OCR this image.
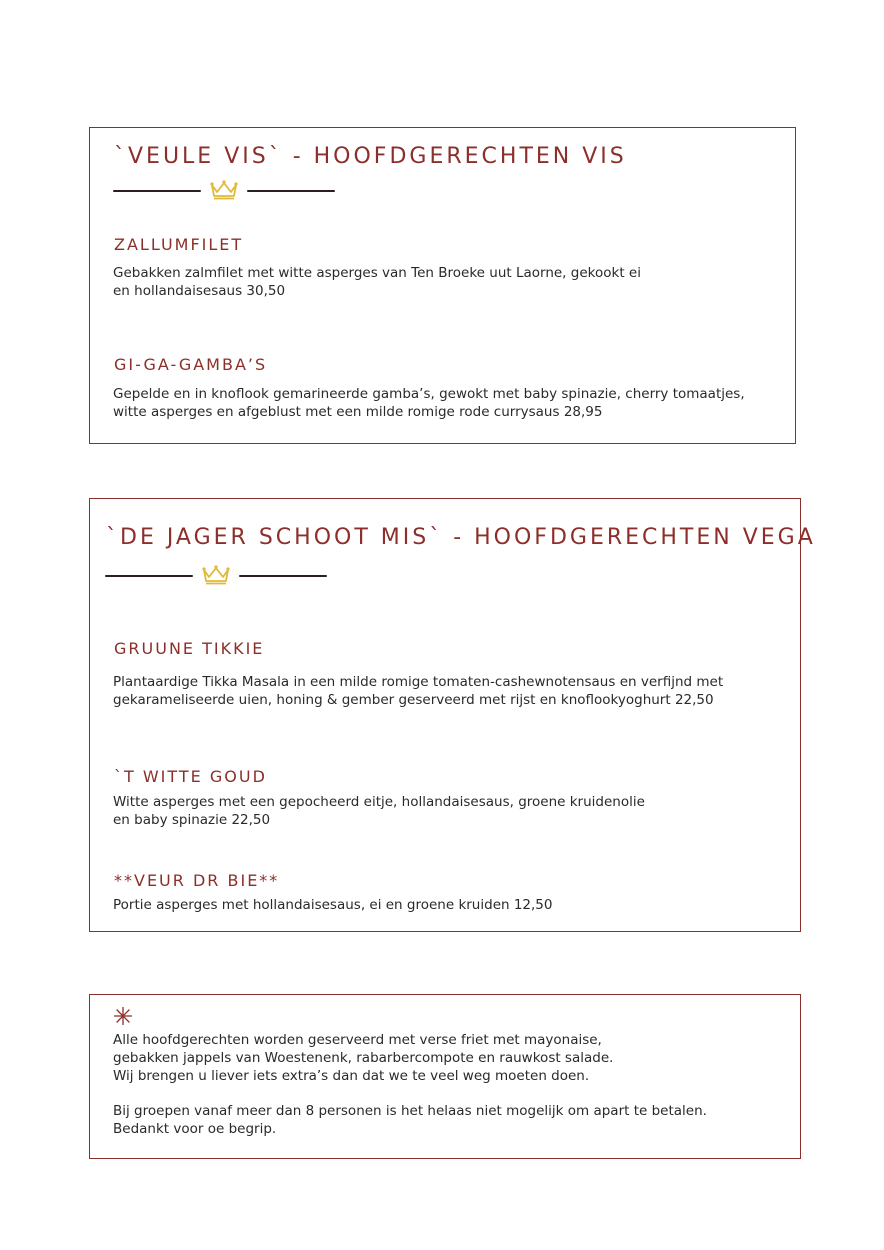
`VEULE VIS` - HOOFDGERECHTEN VIS
ZALLUMFILET

Gebakken zalmfilet met witte asperges van Ten Broeke uut Laorne, gekookt ei
en hollandaisesaus 30,50

GI-GA-GAMBA’S

Gepelde en in knoflook gemarineerde gamba’s, gewokt met baby spinazie, cherry tomaatjes,
witte asperges en afgeblust met een milde romige rode currysaus 28,95

`DE JAGER SCHOOT MIS` - HOOFDGERECHTEN VEGA
GRUUNE TIKKIE

Plantaardige Tikka Masala in een milde romige tomaten-cashewnotensaus en verfijnd met
gekarameliseerde uien, honing & gember geserveerd met rijst en knoflookyoghurt 22,50

`T WITTE GOUD

Witte asperges met een gepocheerd eitje, hollandaisesaus, groene kruidenolie
en baby spinazie 22,50

**VEUR DR BIE**

Portie asperges met hollandaisesaus, ei en groene kruiden 12,50

Alle hoofdgerechten worden geserveerd met verse friet met mayonaise,
gebakken jappels van Woestenenk, rabarbercompote en rauwkost salade.
Wij brengen u liever iets extra’s dan dat we te veel weg moeten doen.

Bij groepen vanaf meer dan 8 personen is het helaas niet mogelijk om apart te betalen.
Bedankt voor oe begrip.
